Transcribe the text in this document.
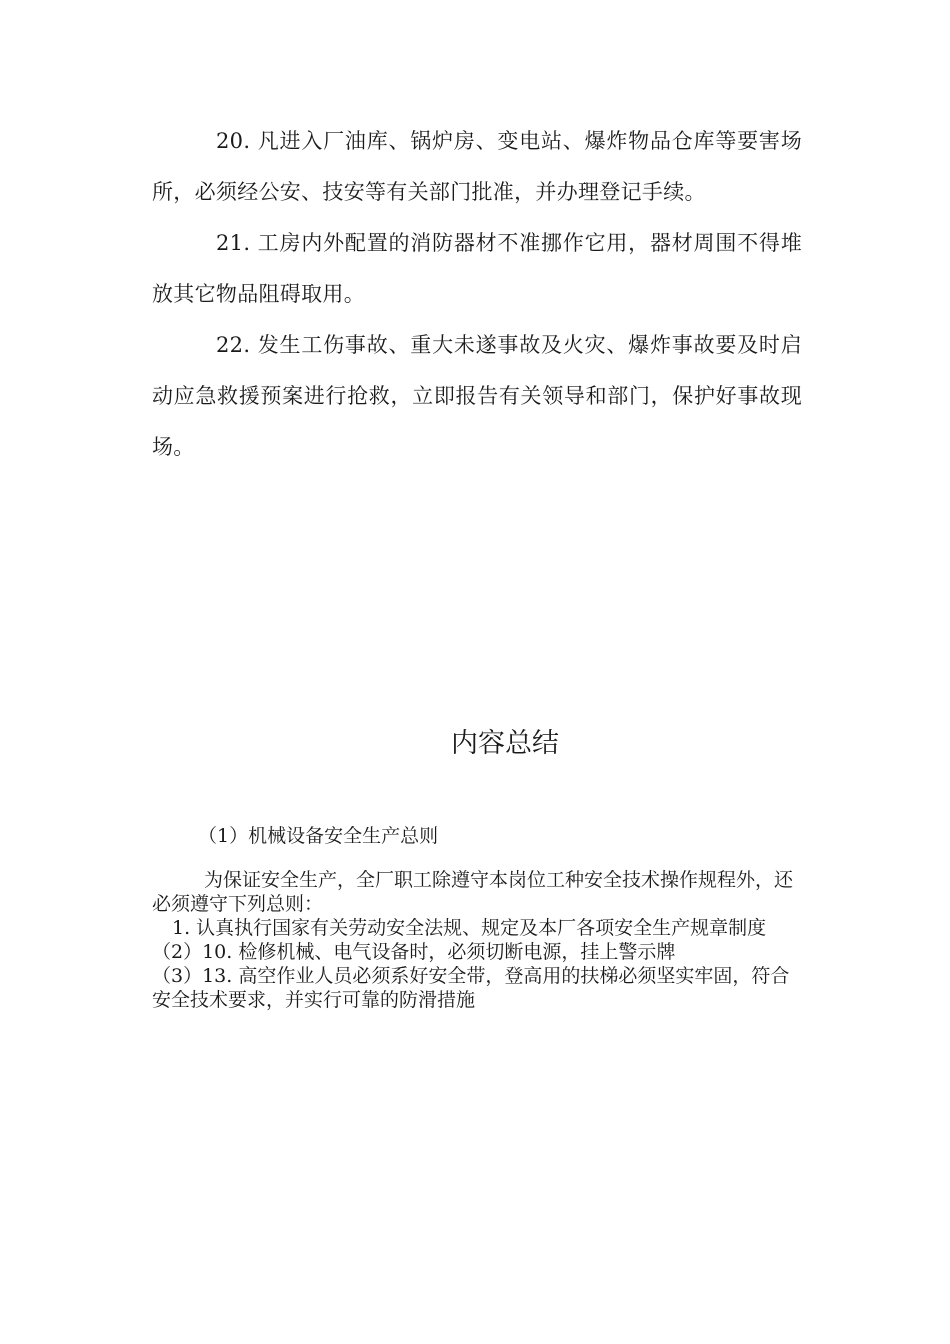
20. 凡进入厂油库、锅炉房、变电站、爆炸物品仓库等要害场所，必须经公安、技安等有关部门批准，并办理登记手续。

21. 工房内外配置的消防器材不准挪作它用，器材周围不得堆放其它物品阻碍取用。

22. 发生工伤事故、重大未遂事故及火灾、爆炸事故要及时启动应急救援预案进行抢救，立即报告有关领导和部门，保护好事故现场。

内容总结

（1）机械设备安全生产总则

为保证安全生产，全厂职工除遵守本岗位工种安全技术操作规程外，还必须遵守下列总则：

1. 认真执行国家有关劳动安全法规、规定及本厂各项安全生产规章制度

（2）10. 检修机械、电气设备时，必须切断电源，挂上警示牌

（3）13. 高空作业人员必须系好安全带，登高用的扶梯必须坚实牢固，符合安全技术要求，并实行可靠的防滑措施
